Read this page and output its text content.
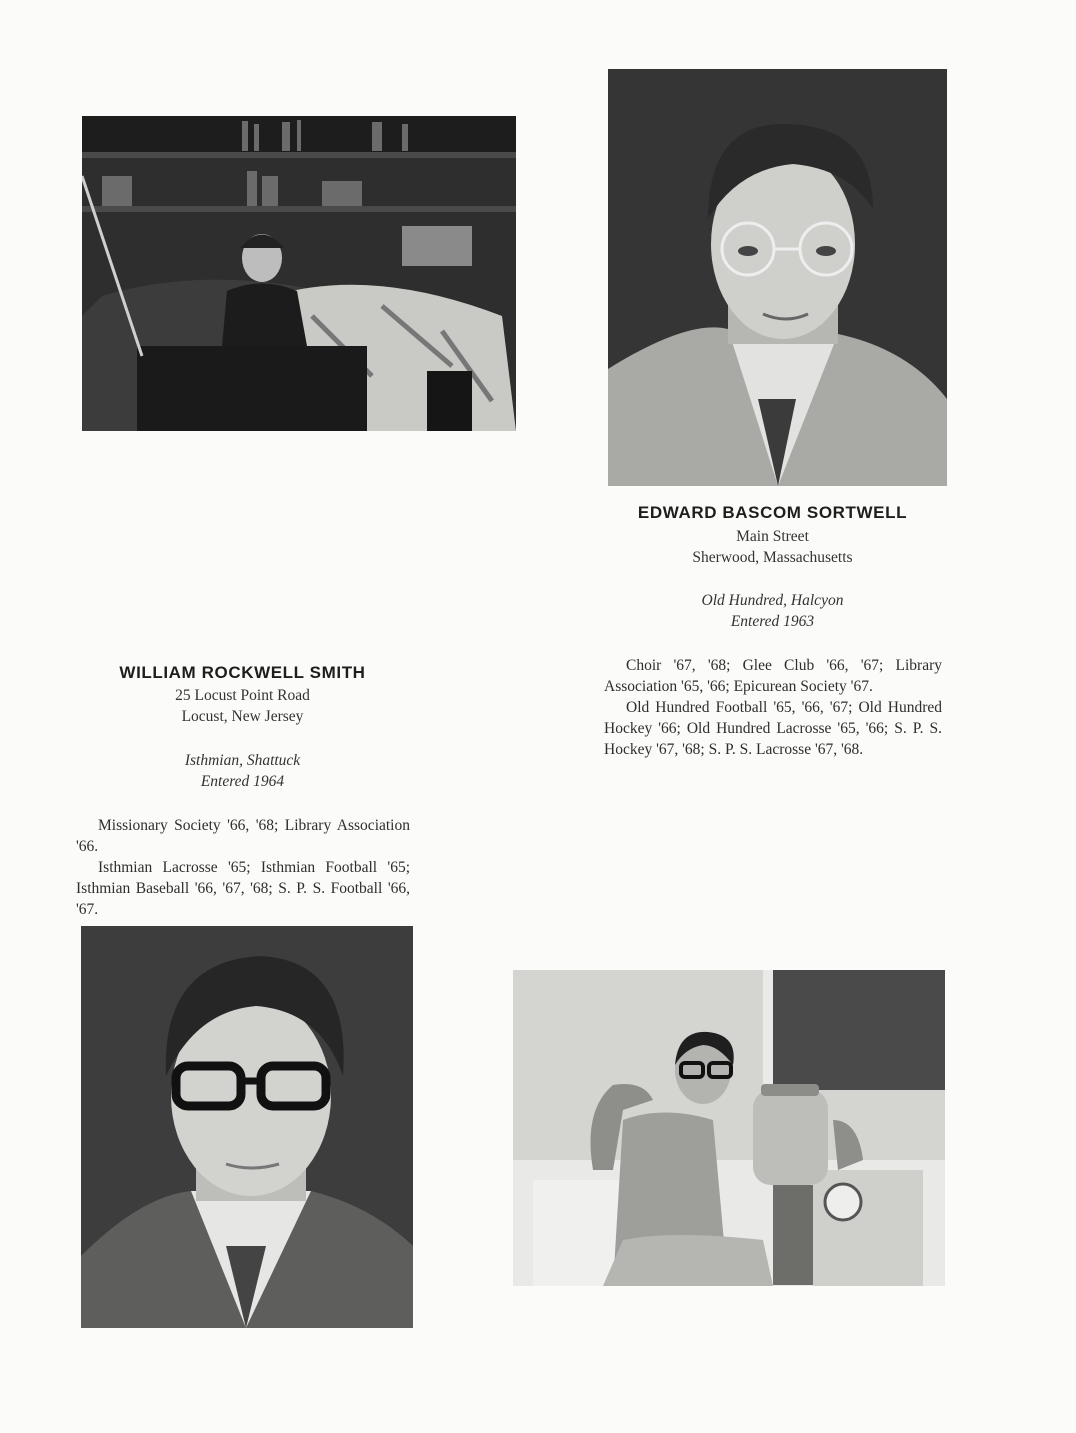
EDWARD BASCOM SORTWELL
Main Street
Sherwood, Massachusetts
Old Hundred, Halcyon
Entered 1963

Choir '67, '68; Glee Club '66, '67; Library Association '65, '66; Epicurean Society '67.

Old Hundred Football '65, '66, '67; Old Hundred Hockey '66; Old Hundred Lacrosse '65, '66; S. P. S. Hockey '67, '68; S. P. S. Lacrosse '67, '68.

WILLIAM ROCKWELL SMITH
25 Locust Point Road
Locust, New Jersey
Isthmian, Shattuck
Entered 1964

Missionary Society '66, '68; Library Association '66.

Isthmian Lacrosse '65; Isthmian Football '65; Isthmian Baseball '66, '67, '68; S. P. S. Football '66, '67.
